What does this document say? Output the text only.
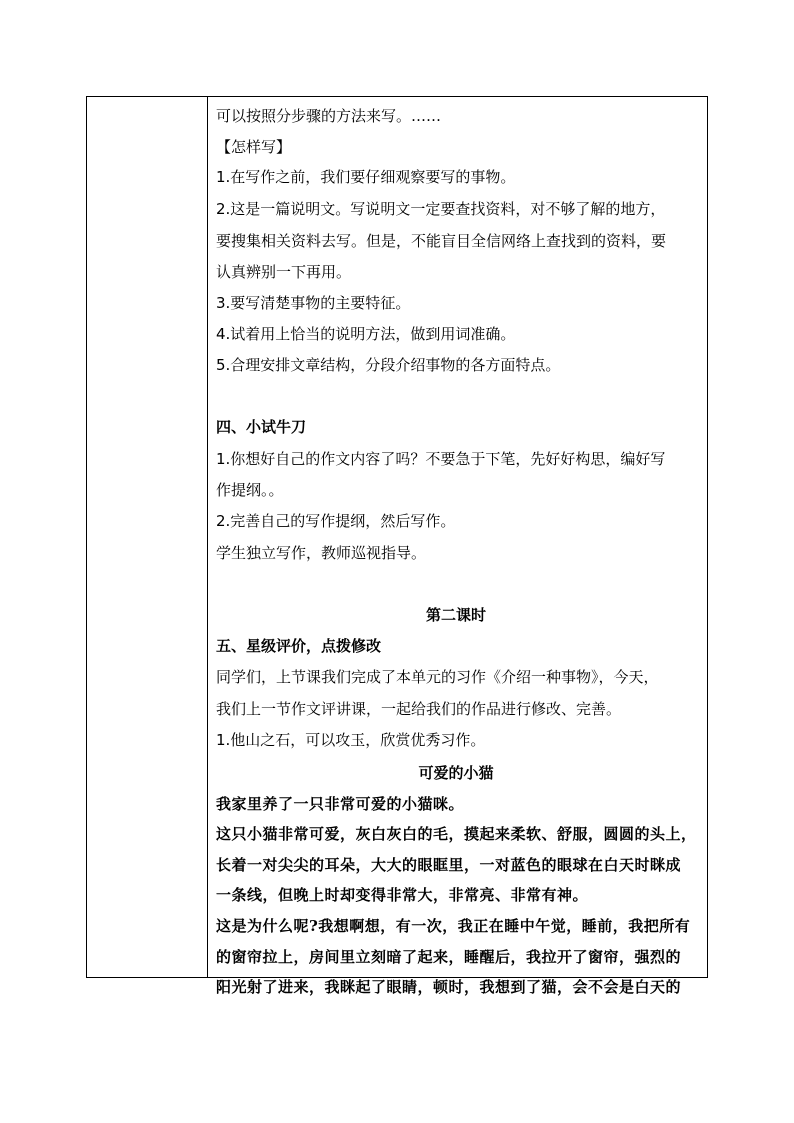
可以按照分步骤的方法来写。……
【怎样写】
1.在写作之前，我们要仔细观察要写的事物。
2.这是一篇说明文。写说明文一定要查找资料，对不够了解的地方，
要搜集相关资料去写。但是，不能盲目全信网络上查找到的资料，要
认真辨别一下再用。
3.要写清楚事物的主要特征。
4.试着用上恰当的说明方法，做到用词准确。
5.合理安排文章结构，分段介绍事物的各方面特点。
四、小试牛刀
1.你想好自己的作文内容了吗？不要急于下笔，先好好构思，编好写
作提纲。。
2.完善自己的写作提纲，然后写作。
学生独立写作，教师巡视指导。
第二课时
五、星级评价，点拨修改
同学们，上节课我们完成了本单元的习作《介绍一种事物》，今天，
我们上一节作文评讲课，一起给我们的作品进行修改、完善。
1.他山之石，可以攻玉，欣赏优秀习作。
可爱的小猫
我家里养了一只非常可爱的小猫咪。
这只小猫非常可爱，灰白灰白的毛，摸起来柔软、舒服，圆圆的头上，
长着一对尖尖的耳朵，大大的眼眶里，一对蓝色的眼球在白天时眯成
一条线，但晚上时却变得非常大，非常亮、非常有神。
这是为什么呢?我想啊想，有一次，我正在睡中午觉，睡前，我把所有
的窗帘拉上，房间里立刻暗了起来，睡醒后，我拉开了窗帘，强烈的
阳光射了进来，我眯起了眼睛，顿时，我想到了猫，会不会是白天的
